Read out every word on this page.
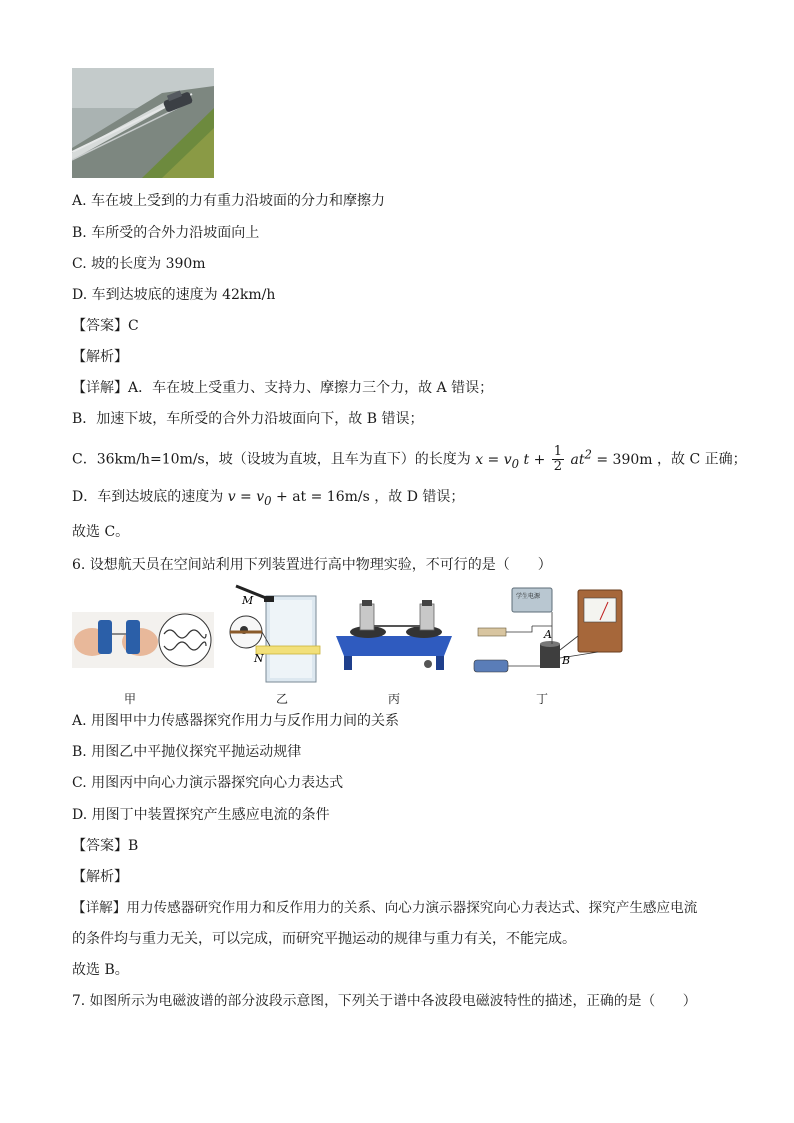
A. 车在坡上受到的力有重力沿坡面的分力和摩擦力
B. 车所受的合外力沿坡面向上
C. 坡的长度为 390m
D. 车到达坡底的速度为 42km/h
【答案】C
【解析】
【详解】A．车在坡上受重力、支持力、摩擦力三个力，故 A 错误；
B．加速下坡，车所受的合外力沿坡面向下，故 B 错误；
C．36km/h=10m/s，坡（设坡为直坡，且车为直下）的长度为 $x = v_0$ $t + \frac{1}{2} at^2 = 390m$ ，故 C 正确；
D．车到达坡底的速度为 $v = v_0$ + at = 16m/s ，故 D 错误；
故选 C。
6. 设想航天员在空间站利用下列装置进行高中物理实验，不可行的是（　　）
M
N
学生电源
A
B
甲	乙	丙	丁
A. 用图甲中力传感器探究作用力与反作用力间的关系
B. 用图乙中平抛仪探究平抛运动规律
C. 用图丙中向心力演示器探究向心力表达式
D. 用图丁中装置探究产生感应电流的条件
【答案】B
【解析】
【详解】用力传感器研究作用力和反作用力的关系、向心力演示器探究向心力表达式、探究产生感应电流
的条件均与重力无关，可以完成，而研究平抛运动的规律与重力有关，不能完成。
故选 B。
7. 如图所示为电磁波谱的部分波段示意图，下列关于谱中各波段电磁波特性的描述，正确的是（　　）
